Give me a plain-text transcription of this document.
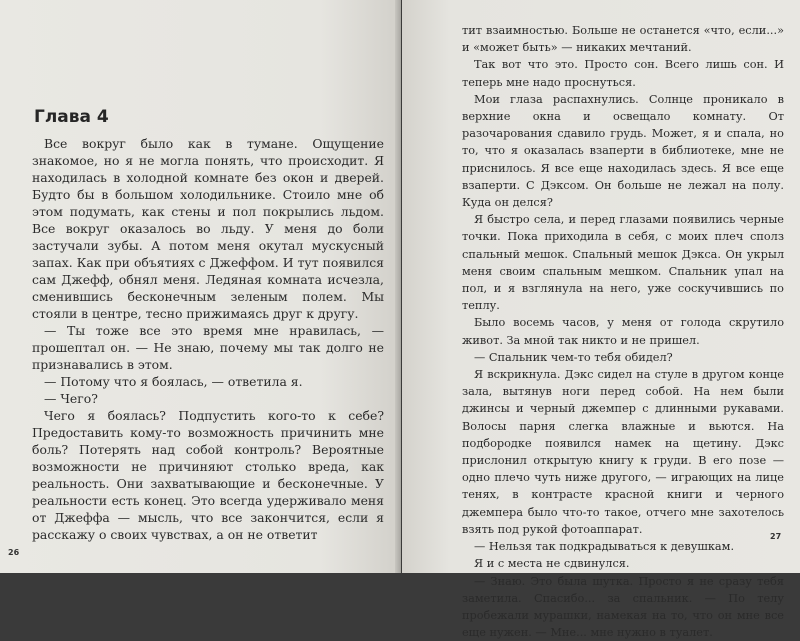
Глава 4

Все вокруг было как в тумане. Ощущение знакомое, но я не могла понять, что происходит. Я находилась в холодной комнате без окон и дверей. Будто бы в большом холодильнике. Стоило мне об этом подумать, как стены и пол покрылись льдом. Все вокруг оказалось во льду. У меня до боли застучали зубы. А потом меня окутал мускусный запах. Как при объятиях с Джеффом. И тут появился сам Джефф, обнял меня. Ледяная комната исчезла, сменившись бесконечным зеленым полем. Мы стояли в центре, тесно прижимаясь друг к другу.

— Ты тоже все это время мне нравилась, — прошептал он. — Не знаю, почему мы так долго не признавались в этом.

— Потому что я боялась, — ответила я.

— Чего?

Чего я боялась? Подпустить кого-то к себе? Предоставить кому-то возможность причинить мне боль? Потерять над собой контроль? Вероятные возможности не причиняют столько вреда, как реальность. Они захватывающие и бесконечные. У реальности есть конец. Это всегда удерживало меня от Джеффа — мысль, что все закончится, если я расскажу о своих чувствах, а он не ответит

26

тит взаимностью. Больше не останется «что, если...» и «может быть» — никаких мечтаний.

Так вот что это. Просто сон. Всего лишь сон. И теперь мне надо проснуться.

Мои глаза распахнулись. Солнце проникало в верхние окна и освещало комнату. От разочарования сдавило грудь. Может, я и спала, но то, что я оказалась взаперти в библиотеке, мне не приснилось. Я все еще находилась здесь. Я все еще взаперти. С Дэксом. Он больше не лежал на полу. Куда он делся?

Я быстро села, и перед глазами появились черные точки. Пока приходила в себя, с моих плеч сполз спальный мешок. Спальный мешок Дэкса. Он укрыл меня своим спальным мешком. Спальник упал на пол, и я взглянула на него, уже соскучившись по теплу.

Было восемь часов, у меня от голода скрутило живот. За мной так никто и не пришел.

— Спальник чем-то тебя обидел?

Я вскрикнула. Дэкс сидел на стуле в другом конце зала, вытянув ноги перед собой. На нем были джинсы и черный джемпер с длинными рукавами. Волосы парня слегка влажные и вьются. На подбородке появился намек на щетину. Дэкс прислонил открытую книгу к груди. В его позе — одно плечо чуть ниже другого, — играющих на лице тенях, в контрасте красной книги и черного джемпера было что-то такое, отчего мне захотелось взять под рукой фотоаппарат.

— Нельзя так подкрадываться к девушкам.

Я и с места не сдвинулся.

— Знаю. Это была шутка. Просто я не сразу тебя заметила. Спасибо... за спальник. — По телу пробежали мурашки, намекая на то, что он мне все еще нужен. — Мне... мне нужно в туалет.

27
